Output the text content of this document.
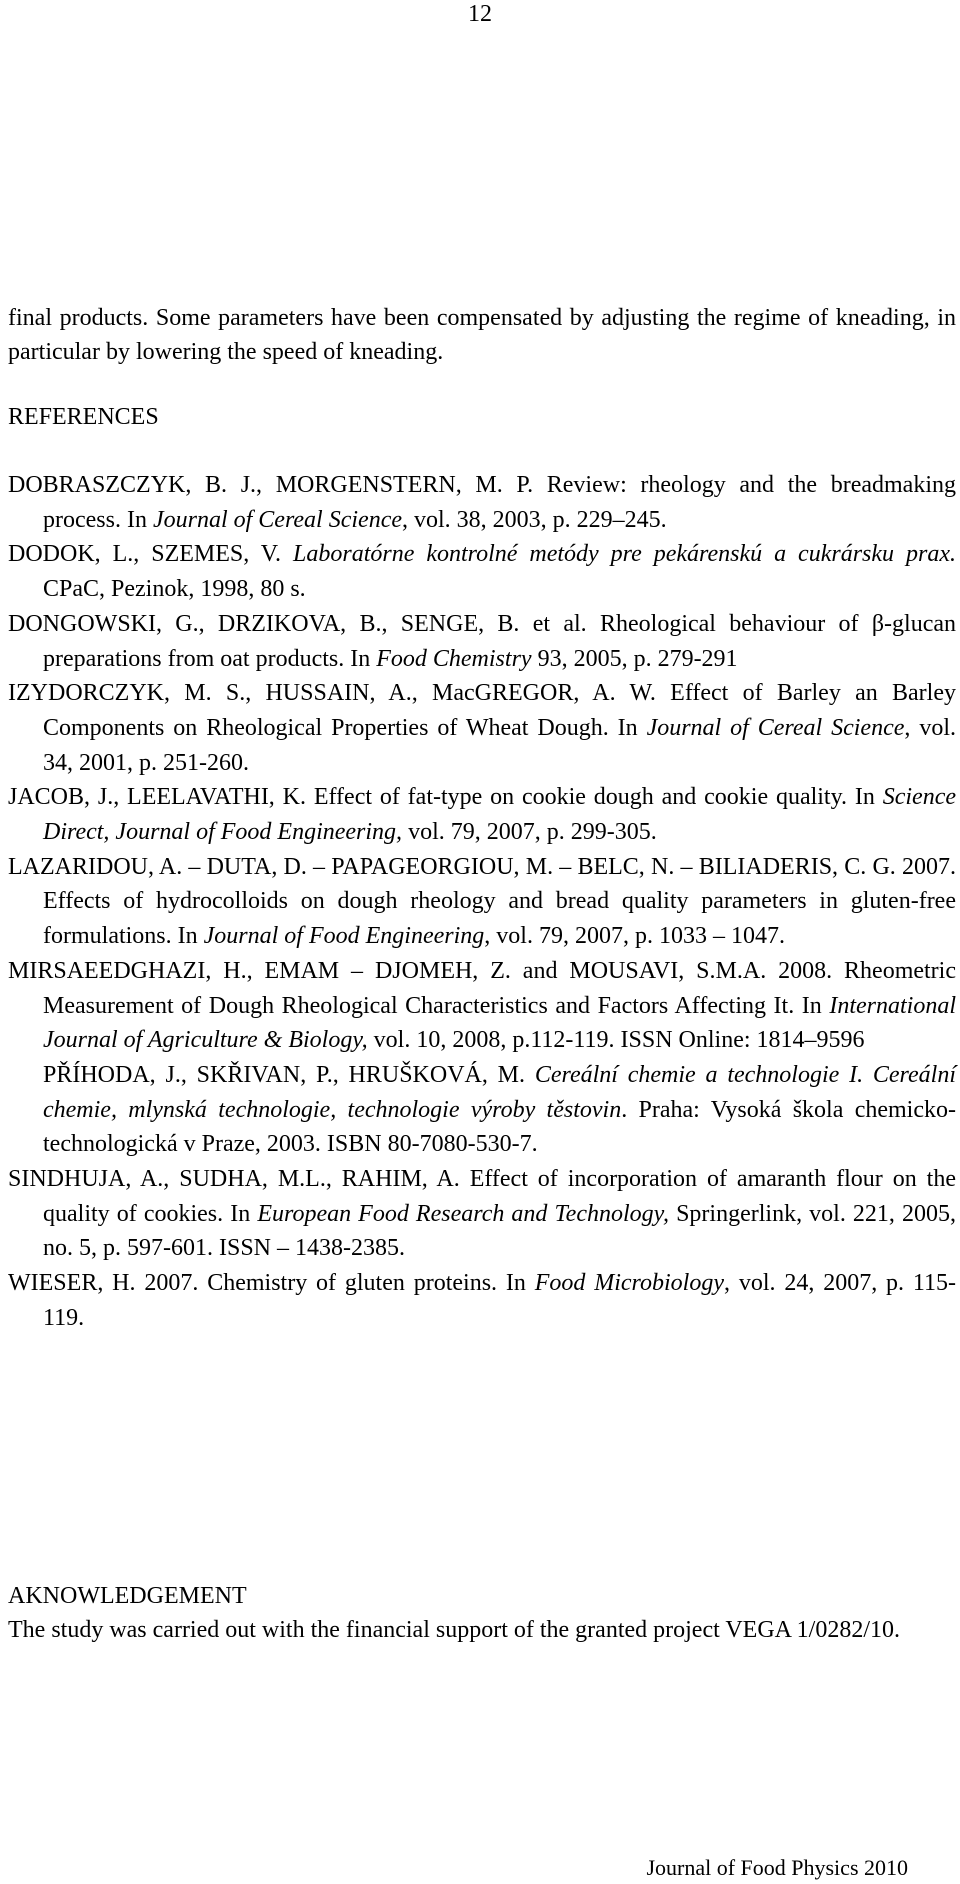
12

final products. Some parameters have been compensated by adjusting the regime of kneading, in particular by lowering the speed of kneading.

REFERENCES
DOBRASZCZYK, B. J., MORGENSTERN, M. P. Review: rheology and the breadmaking process. In Journal of Cereal Science, vol. 38, 2003, p. 229–245.
DODOK, L., SZEMES, V. Laboratórne kontrolné metódy pre pekárenskú a cukrársku prax. CPaC, Pezinok, 1998, 80 s.
DONGOWSKI, G., DRZIKOVA, B., SENGE, B. et al. Rheological behaviour of β-glucan preparations from oat products. In Food Chemistry 93, 2005, p. 279-291
IZYDORCZYK, M. S., HUSSAIN, A., MacGREGOR, A. W. Effect of Barley an Barley Components on Rheological Properties of Wheat Dough. In Journal of Cereal Science, vol. 34, 2001, p. 251-260.
JACOB, J., LEELAVATHI, K. Effect of fat-type on cookie dough and cookie quality. In Science Direct, Journal of Food Engineering, vol. 79, 2007, p. 299-305.
LAZARIDOU, A. – DUTA, D. – PAPAGEORGIOU, M. – BELC, N. – BILIADERIS, C. G. 2007. Effects of hydrocolloids on dough rheology and bread quality parameters in gluten-free formulations. In Journal of Food Engineering, vol. 79, 2007, p. 1033 – 1047.
MIRSAEEDGHAZI, H., EMAM – DJOMEH, Z. and MOUSAVI, S.M.A. 2008. Rheometric Measurement of Dough Rheological Characteristics and Factors Affecting It. In International Journal of Agriculture & Biology, vol. 10, 2008, p.112-119. ISSN Online: 1814–9596
PŘÍHODA, J., SKŘIVAN, P., HRUŠKOVÁ, M. Cereální chemie a technologie I. Cereální chemie, mlynská technologie, technologie výroby těstovin. Praha: Vysoká škola chemicko-technologická v Praze, 2003. ISBN 80-7080-530-7.
SINDHUJA, A., SUDHA, M.L., RAHIM, A. Effect of incorporation of amaranth flour on the quality of cookies. In European Food Research and Technology, Springerlink, vol. 221, 2005, no. 5, p. 597-601. ISSN – 1438-2385.
WIESER, H. 2007. Chemistry of gluten proteins. In Food Microbiology, vol. 24, 2007, p. 115-119.
AKNOWLEDGEMENT

The study was carried out with the financial support of the granted project VEGA 1/0282/10.

Journal of Food Physics 2010
